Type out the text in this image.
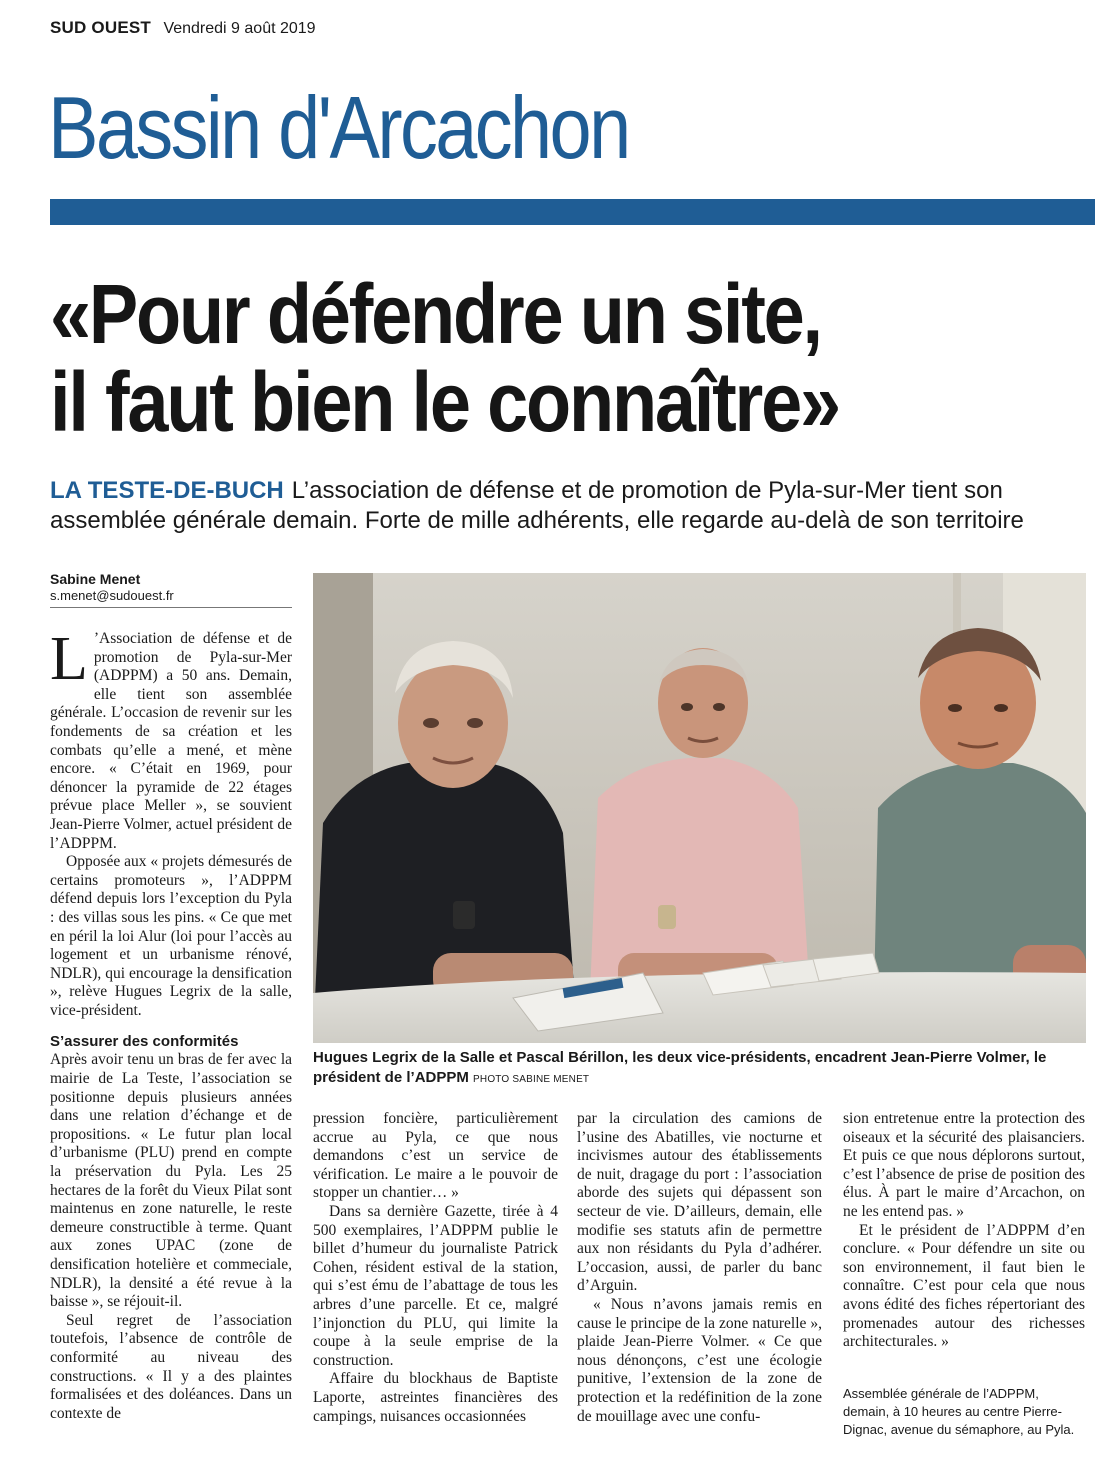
SUD OUEST Vendredi 9 août 2019
Bassin d'Arcachon
«Pour défendre un site,
il faut bien le connaître»
LA TESTE-DE-BUCH L’association de défense et de promotion de Pyla-sur-Mer tient son assemblée générale demain. Forte de mille adhérents, elle regarde au-delà de son territoire
Sabine Menet
s.menet@sudouest.fr

L ’Association de défense et de promotion de Pyla-sur-Mer (ADPPM) a 50 ans. Demain, elle tient son assemblée générale. L’occasion de revenir sur les fondements de sa création et les combats qu’elle a mené, et mène encore. « C’était en 1969, pour dénoncer la pyramide de 22 étages prévue place Meller », se souvient Jean-Pierre Volmer, actuel président de l’ADPPM.

Opposée aux « projets démesurés de certains promoteurs », l’ADPPM défend depuis lors l’exception du Pyla : des villas sous les pins. « Ce que met en péril la loi Alur (loi pour l’accès au logement et un urbanisme rénové, NDLR), qui encourage la densification », relève Hugues Legrix de la salle, vice-président.

S’assurer des conformités

Après avoir tenu un bras de fer avec la mairie de La Teste, l’association se positionne depuis plusieurs années dans une relation d’échange et de propositions. « Le futur plan local d’urbanisme (PLU) prend en compte la préservation du Pyla. Les 25 hectares de la forêt du Vieux Pilat sont maintenus en zone naturelle, le reste demeure constructible à terme. Quant aux zones UPAC (zone de densification hotelière et commeciale, NDLR), la densité a été revue à la baisse », se réjouit-il.

Seul regret de l’association toutefois, l’absence de contrôle de conformité au niveau des constructions. « Il y a des plaintes formalisées et des doléances. Dans un contexte de

Hugues Legrix de la Salle et Pascal Bérillon, les deux vice-présidents, encadrent Jean-Pierre Volmer, le président de l’ADPPM PHOTO SABINE MENET

pression foncière, particulièrement accrue au Pyla, ce que nous demandons c’est un service de vérification. Le maire a le pouvoir de stopper un chantier… »

Dans sa dernière Gazette, tirée à 4 500 exemplaires, l’ADPPM publie le billet d’humeur du journaliste Patrick Cohen, résident estival de la station, qui s’est ému de l’abattage de tous les arbres d’une parcelle. Et ce, malgré l’injonction du PLU, qui limite la coupe à la seule emprise de la construction.

Affaire du blockhaus de Baptiste Laporte, astreintes financières des campings, nuisances occasionnées

par la circulation des camions de l’usine des Abatilles, vie nocturne et incivismes autour des établissements de nuit, dragage du port : l’association aborde des sujets qui dépassent son secteur de vie. D’ailleurs, demain, elle modifie ses statuts afin de permettre aux non résidants du Pyla d’adhérer. L’occasion, aussi, de parler du banc d’Arguin.

« Nous n’avons jamais remis en cause le principe de la zone naturelle », plaide Jean-Pierre Volmer. « Ce que nous dénonçons, c’est une écologie punitive, l’extension de la zone de protection et la redéfinition de la zone de mouillage avec une confu-

sion entretenue entre la protection des oiseaux et la sécurité des plaisanciers. Et puis ce que nous déplorons surtout, c’est l’absence de prise de position des élus. À part le maire d’Arcachon, on ne les entend pas. »

Et le président de l’ADPPM d’en conclure. « Pour défendre un site ou son environnement, il faut bien le connaître. C’est pour cela que nous avons édité des fiches répertoriant des promenades autour des richesses architecturales. »

Assemblée générale de l’ADPPM, demain, à 10 heures au centre Pierre-Dignac, avenue du sémaphore, au Pyla.
